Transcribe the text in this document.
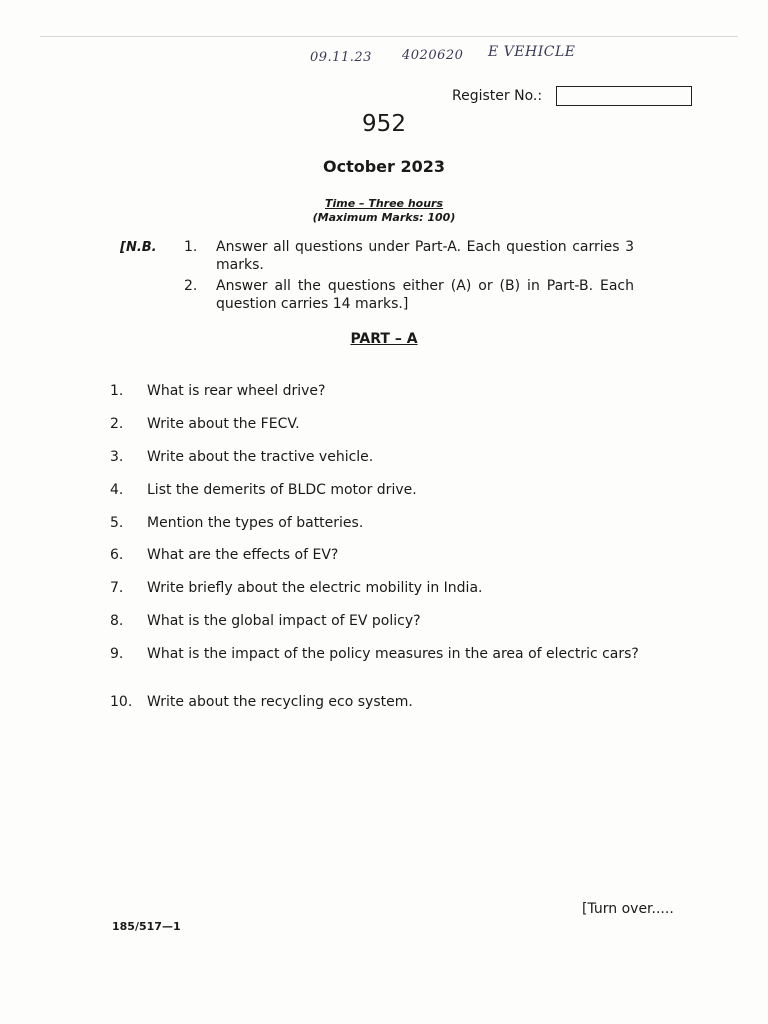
09.11.23 4020620 E VEHICLE
Register No.:
952
October 2023
Time – Three hours
(Maximum Marks: 100)
[N.B. 1.	Answer all questions under Part-A. Each question carries 3 marks.
2.	Answer all the questions either (A) or (B) in Part-B. Each question carries 14 marks.]
PART – A
1.	What is rear wheel drive?
2.	Write about the FECV.
3.	Write about the tractive vehicle.
4.	List the demerits of BLDC motor drive.
5.	Mention the types of batteries.
6.	What are the effects of EV?
7.	Write briefly about the electric mobility in India.
8.	What is the global impact of EV policy?
9.	What is the impact of the policy measures in the area of electric cars?
10.	Write about the recycling eco system.
[Turn over.....
185/517—1
